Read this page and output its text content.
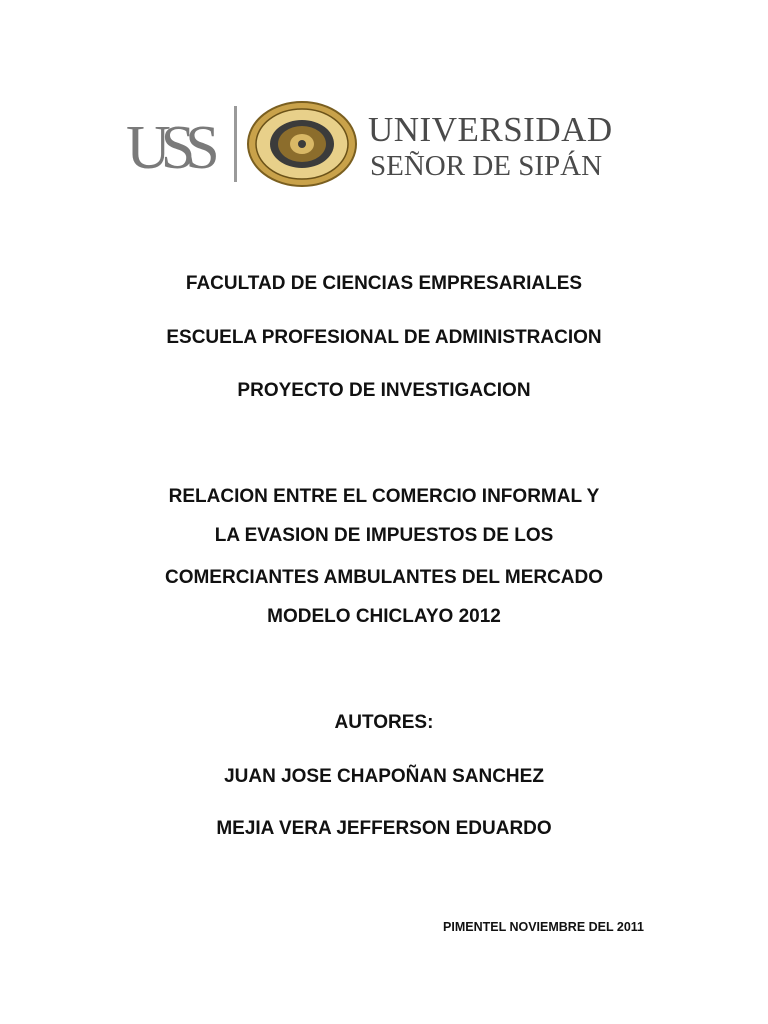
USS	UNIVERSIDAD
SEÑOR DE SIPÁN
FACULTAD DE CIENCIAS EMPRESARIALES
ESCUELA PROFESIONAL DE ADMINISTRACION
PROYECTO DE INVESTIGACION
RELACION ENTRE EL COMERCIO INFORMAL Y
LA EVASION DE IMPUESTOS DE LOS
COMERCIANTES AMBULANTES DEL MERCADO
MODELO CHICLAYO 2012
AUTORES:
JUAN JOSE CHAPOÑAN SANCHEZ
MEJIA VERA JEFFERSON EDUARDO
PIMENTEL NOVIEMBRE DEL 2011
